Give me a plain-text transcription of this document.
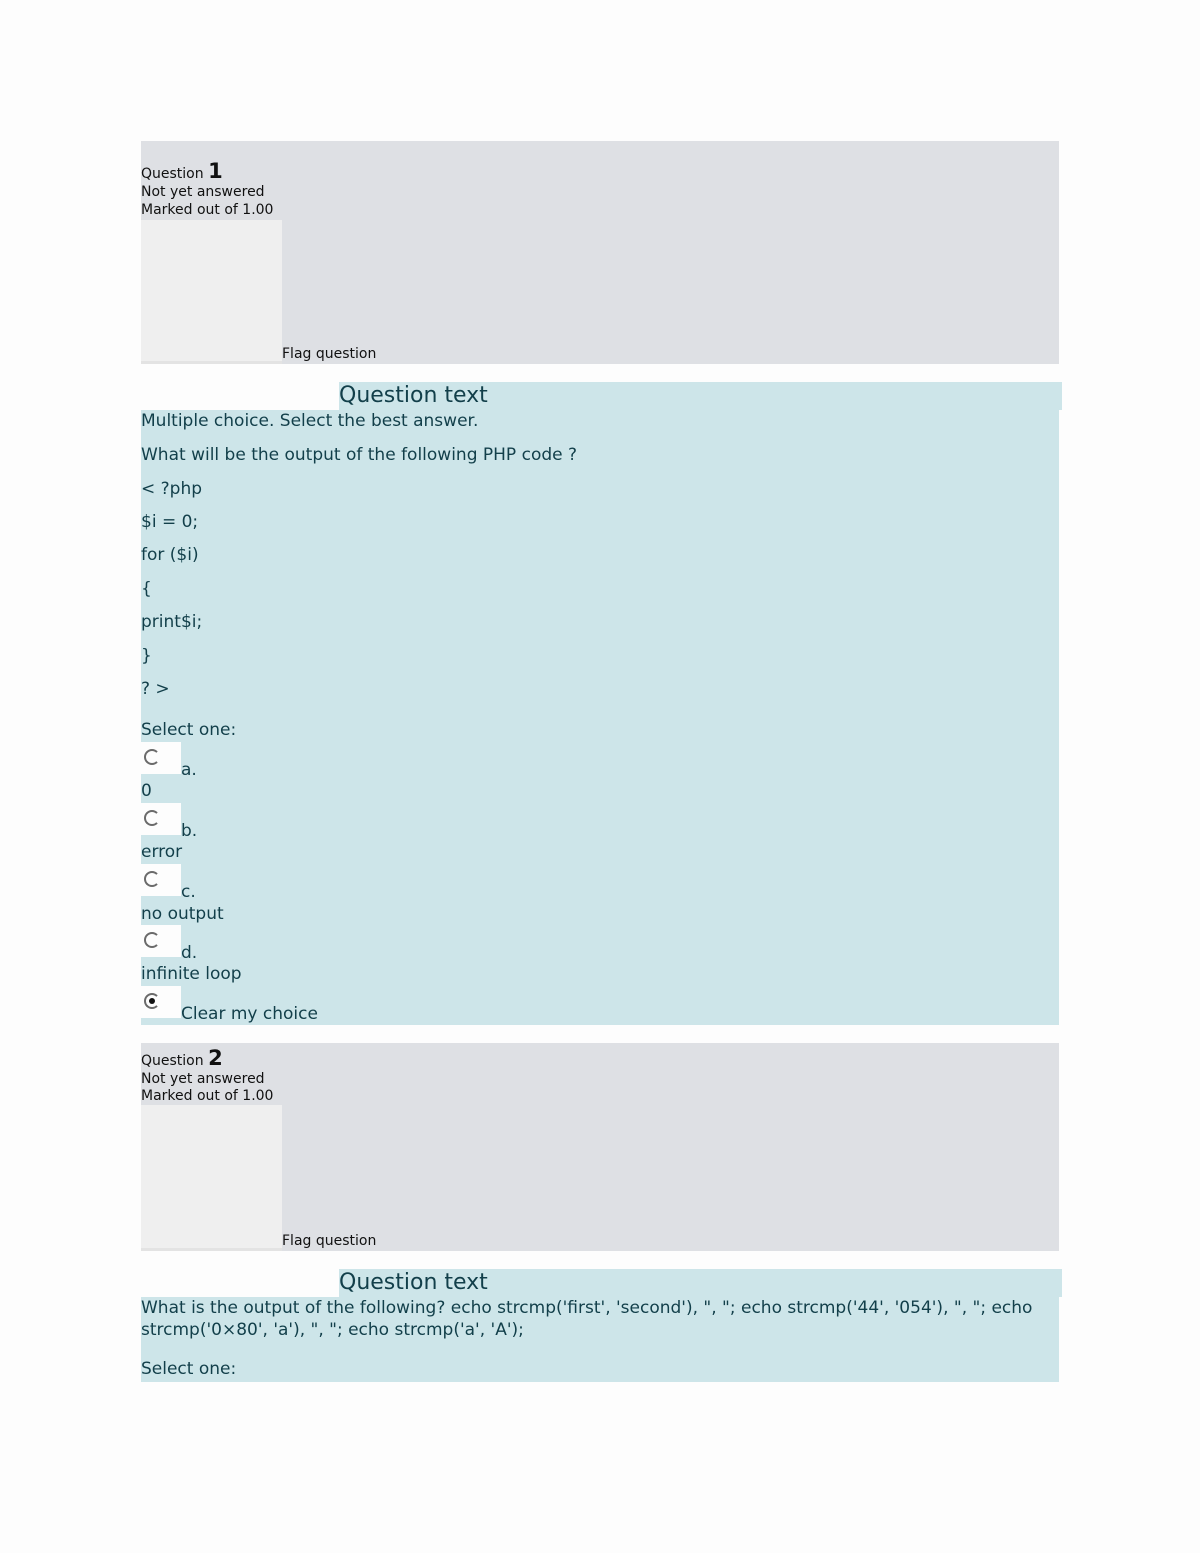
Question 1
Not yet answered
Marked out of 1.00
Flag question
Question text
Multiple choice. Select the best answer.
What will be the output of the following PHP code ?
< ?php
$i = 0;
for ($i)
{
print$i;
}
? >
Select one:
a.
0
b.
error
c.
no output
d.
infinite loop
Clear my choice
Question 2
Not yet answered
Marked out of 1.00
Flag question
Question text
What is the output of the following? echo strcmp('first', 'second'), ", "; echo strcmp('44', '054'), ", "; echo strcmp('0×80', 'a'), ", "; echo strcmp('a', 'A');
Select one:
